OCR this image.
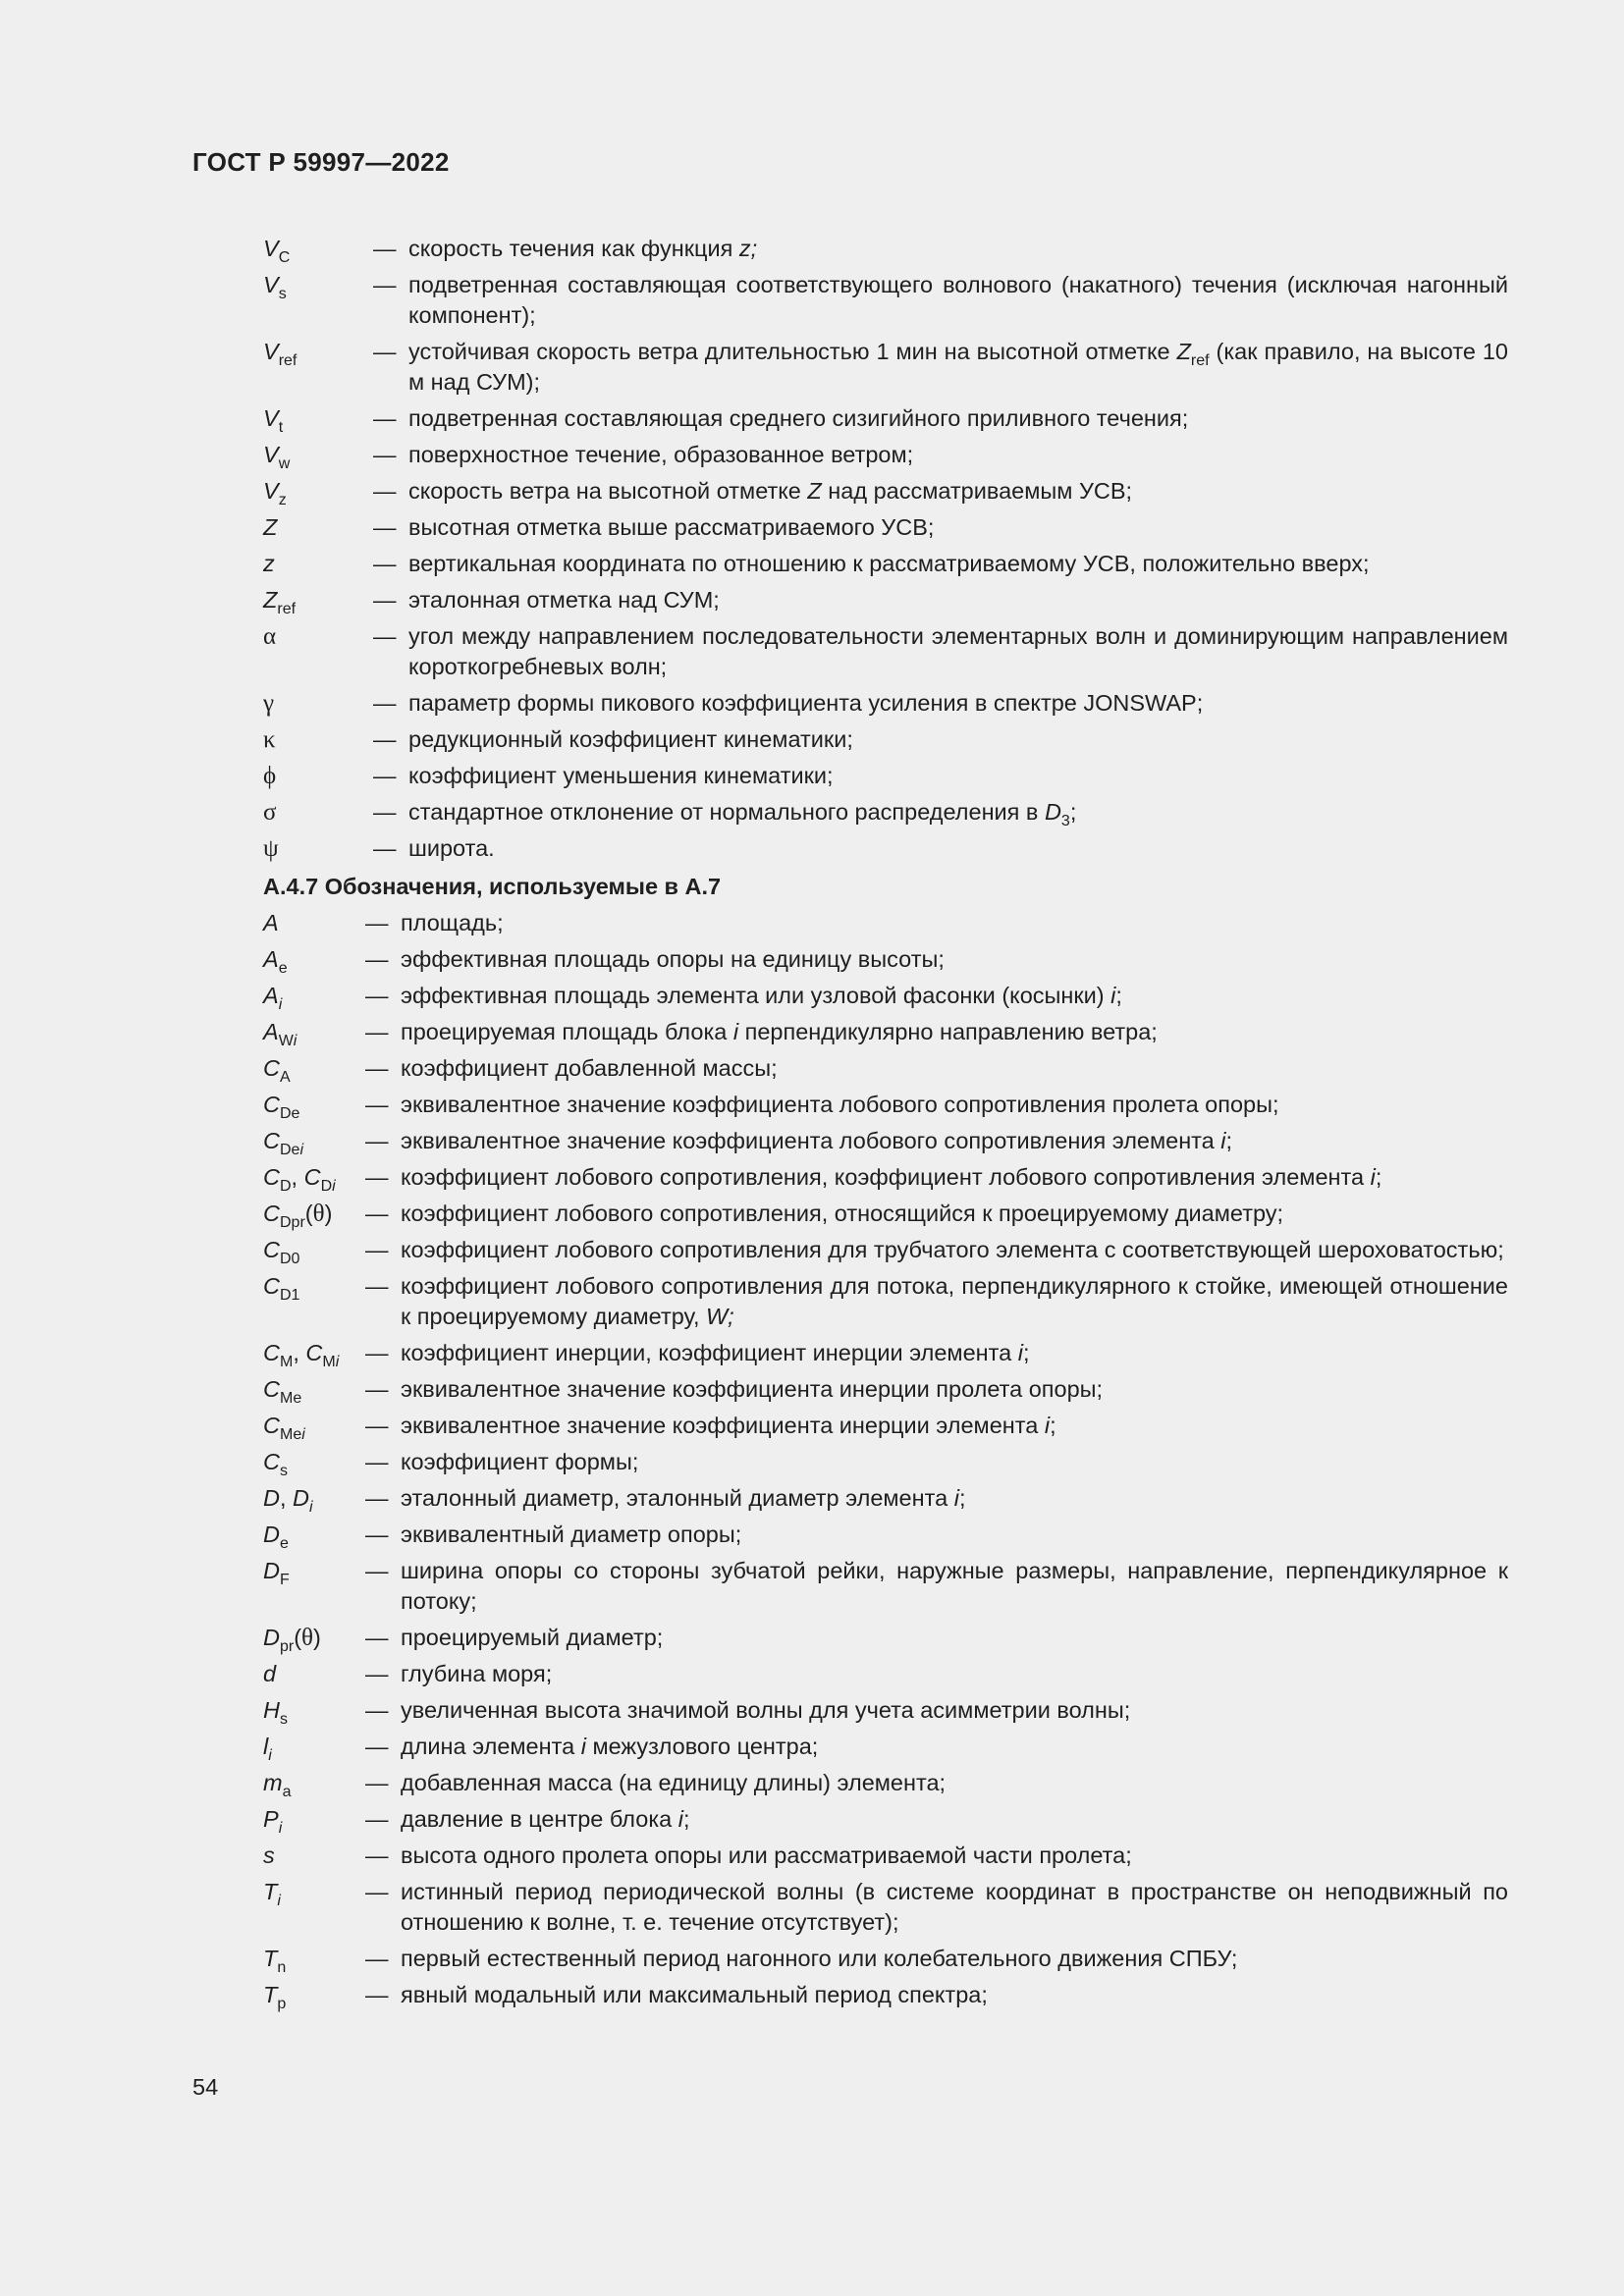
ГОСТ Р 59997—2022
$V_C$	— скорость течения как функция z;
$V_s$	— подветренная составляющая соответствующего волнового (накатного) течения (исключая нагонный компонент);
$V_{ref}$	— устойчивая скорость ветра длительностью 1 мин на высотной отметке $Z_{ref}$ (как правило, на высоте 10 м над СУМ);
$V_t$	— подветренная составляющая среднего сизигийного приливного течения;
$V_w$	— поверхностное течение, образованное ветром;
$V_z$	— скорость ветра на высотной отметке Z над рассматриваемым УСВ;
Z	— высотная отметка выше рассматриваемого УСВ;
z	— вертикальная координата по отношению к рассматриваемому УСВ, положительно вверх;
$Z_{ref}$	— эталонная отметка над СУМ;
α	— угол между направлением последовательности элементарных волн и доминирующим направлением короткогребневых волн;
γ	— параметр формы пикового коэффициента усиления в спектре JONSWAP;
κ	— редукционный коэффициент кинематики;
ϕ	— коэффициент уменьшения кинематики;
σ	— стандартное отклонение от нормального распределения в $D_3$;
ψ	— широта.
А.4.7 Обозначения, используемые в А.7
A	— площадь;
$A_e$	— эффективная площадь опоры на единицу высоты;
$A_i$	— эффективная площадь элемента или узловой фасонки (косынки) i;
$A_{Wi}$	— проецируемая площадь блока i перпендикулярно направлению ветра;
$C_A$	— коэффициент добавленной массы;
$C_{De}$	— эквивалентное значение коэффициента лобового сопротивления пролета опоры;
$C_{Dei}$	— эквивалентное значение коэффициента лобового сопротивления элемента i;
$C_D$, $C_{Di}$ — коэффициент лобового сопротивления, коэффициент лобового сопротивления элемента i;
$C_{Dpr}(\theta)$ — коэффициент лобового сопротивления, относящийся к проецируемому диаметру;
$C_{D0}$	— коэффициент лобового сопротивления для трубчатого элемента с соответствующей шероховатостью;
$C_{D1}$	— коэффициент лобового сопротивления для потока, перпендикулярного к стойке, имеющей отношение к проецируемому диаметру, W;
$C_M$, $C_{Mi}$ — коэффициент инерции, коэффициент инерции элемента i;
$C_{Me}$	— эквивалентное значение коэффициента инерции пролета опоры;
$C_{Mei}$	— эквивалентное значение коэффициента инерции элемента i;
$C_s$	— коэффициент формы;
D, $D_i$ — эталонный диаметр, эталонный диаметр элемента i;
$D_e$	— эквивалентный диаметр опоры;
$D_F$	— ширина опоры со стороны зубчатой рейки, наружные размеры, направление, перпендикулярное к потоку;
$D_{pr}(\theta)$ — проецируемый диаметр;
d	— глубина моря;
$H_s$	— увеличенная высота значимой волны для учета асимметрии волны;
$l_i$	— длина элемента i межузлового центра;
$m_a$	— добавленная масса (на единицу длины) элемента;
$P_i$	— давление в центре блока i;
s	— высота одного пролета опоры или рассматриваемой части пролета;
$T_i$	— истинный период периодической волны (в системе координат в пространстве он неподвижный по отношению к волне, т. е. течение отсутствует);
$T_n$	— первый естественный период нагонного или колебательного движения СПБУ;
$T_p$	— явный модальный или максимальный период спектра;
54
